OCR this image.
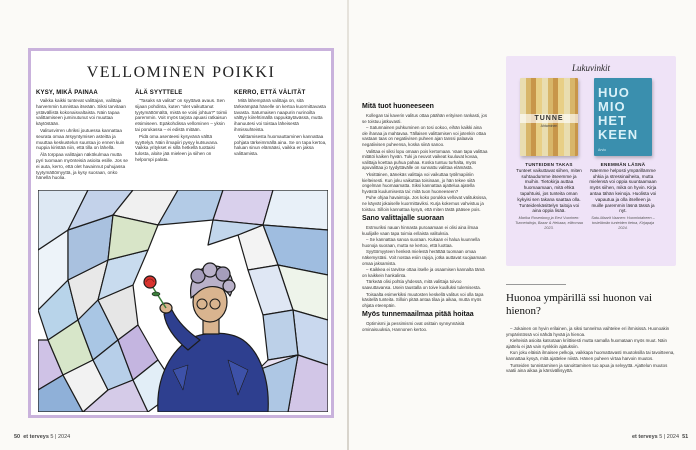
VELLOMINEN POIKKI
KYSY, MIKÄ PAINAA

Vaikka kaikki tuntevat valittajan, valittaja harvemmin tunnistaa itseään. Siksi tarvitaan ystävällistä kokonaisvaltaista. Näin tapaa valittamiseen juminutunut voi muuttaa käytöstään.

Valitusvirren uhriksi joutuessa kannattaa seurata omaa ärsyyntymisen asteitta ja muuttaa keskustelun suuntaa jo ennen kuin nuppia kiristää niin, että tilla on lähellä.

Älä torppaa valittajan näkökulmaa mutta pyri tuomaan myönteisiä asioita esille. Jos se ei auta, kerro, että olet havainnut puhujassa tyytymättömyyttä, ja kysy suoraan, onko hänellä huolia.

ÄLÄ SYYTTELE

"Tasaks sä valitat" on syyttävä avaus. Sen sijaan pohdinta, kuten "olet vaikuttanut tyytymättömältä, mistä se voisi johtua?" toimii paremmin. Voit myös tarjota apuasi ratkaisun etsimiseen. Epäkohdissa vellominen – yksin tai porukassa – ei edistä mitään.

Pidä oma asenteesi kysyvänä välttä syyttelyä. Näin ilmapiiri pysyy kutsuvana. Vaikka yritykset ei sillä hetkellä tuottaisi tulosta, aloite jää mieleen ja siihen on helpompi palata.

KERRO, ETTÄ VÄLITÄT

Mitä lähempänä valittaja on, sitä tärkeämpää hänelle on kertoa kuormittavasta tavasta. Saturnaisen naapurin nurinoilta välttyy kiirehtimällä rappukäytävässä, mutta ihanuutesi voi toistaa läheisestä ihmissuhteista.

Valittamisesta huomauttaminen kannattaa pohjata tärkeimmällä aina. Se on tapa kertoa, haluan sinun elämääsi, vaikka en jaksa valittamista.

50 et terveys 5 | 2024
Mitä tuot huoneeseen

Kollegan tai kaverin valitus ottaa päähän erityisen rankasti, jos se toistuu jatkuvasti.

– Satunnainen puhkuminen on tosi ookoo, eihän kaikki aina ole ihanaa ja mahtavaa. Tällaisen valittamisen voi jotenkin ottaa vastaan taas on negatiivisen puheen ajan tanssi palaavia negatiivisen puheensa, koska siinä sanoo.

Valittaa ei siksi lopu omaan pois kertomaan. Vaan tapa valittaa mitätöi kaiken hyvän. Tuki ja neuvot vaikeat kuuluvat kovaa, valittaja koettaa puhua pahaa. Koska tuntuu turhalta, myös apuvalittaa jo tyydyttävälle on sunnattu valittaa elämästä.

Yksittäinen, äänekäs valittaja voi vaikuttaa työilmapiiriin kielteisesti. Kun joku vaikuttaa toisinaan, jo hän tekee siitä ongelman huomaamatta. Siksi kannattaa ajattelua ajatella hyvästä kuulumisesta tai: mitä tuon huoneeseen?

Puhe ohjaa havaintoja. Jos koko porukka vellovat valituksissa, ne käyvät jokaiselle kuormittaviksi. Kurja kokemus vahvistuu ja toistuu. Silloin kannattaa kysyä, että miten tästä pääsee pois.

Sano valittajalle suoraan

Estmuriksi nauan hinnasta puroaamaan ei olisi aina ilmaa kuulijalle vaan tapa toimia erilaista valituksia.

– Se kannattaa sanoa suoraan. Kukaan ei halua kuunnella huonoja suoraan, mutta se kertoo, että luottaa.

Syyttömyyteen henkeä mielestä herättää tuomaan omaa näkemystäsi. Voit nostaa esiin rajoja, jotka auttavat suojaamaan omaa jaksamista.

– Kaikkea ei tarvitse ottaa itselle ja osaamisen kannalta tämä on kaikkein hankalinta.

Tärkeää olisi pohtia yhdessä, mitä valittaja toivoo saavuttavansa. Usein taustalla on toive kuulluksi tulemisesta.

Toisaalta esimerkiksi muutosten keskellä valitus voi olla tapa käsitellä tunteita. Silloin pitää antaa tilaa ja aikaa, mutta myös ohjata eteenpäin.

Myös tunnemaailmaa pitää hoitaa

Optimismi ja pessimismi ovat osittain synnynnäisiä ominaisuuksia, Hannonen kertoo.

Lukuvinkit
TUNNE
Ahtaminen
HUO MIO HET KEEN
Arvio
TUNTEIDEN TAKAS
Tunteet vaikuttavat siihen, miten suhtaudumme itseemme ja muihin. Tietokirja auttaa huomaamaan, mitä ehkä tapahtuisi, jos tunteita oman kykyisi sen takana saattaa olla. Tunteidenkäsittelyn taitoja voi aina oppia lisää.
Marika Rosenborg ja Eevi Vuorinen: Tunnetaitoja, Bazar & Hekaaa, ellimmaa 2023.
ENEMMÄN LÄSNÄ
Näemme helposti ympärillämme uhkia ja stressinaiheita, mutta mielensä voi oppia suuntaamaan myös siihen, mikä on hyvin. Kirja antaa tähän keinoja. Huolista voi vapautua ja olla itselleen ja muille paremmin läsnä tässä ja nyt.
Satu-Maarit Vaanen: Huomiotaheen – tosielämän tunteiden tietoa, Kirjapaja 2024.
Huonoa ympärillä ssi huonon vai hienon?

– Jokainen on hyvin erilainen, ja siksi tunnelma vaihtelee eri ihmisissä. Huonoakin ympäristössä voi nähdä hyvää ja hienoa.

Kielteisiä asioita katsotaan kriittisesti mutta samalla huomataan myös muut. Näin ajattelu ei jää vain synkkiin ajatuksiin.

Kun joku eläisiä ilmaisee pelkoja, vaikkapa huomattavasti muutoksilla tai tavoitteena, kannattaa kysyä, mitä ajattelee niistä. Hänen puheen virtaa harvoin muutos.

Tunteiden tunnistaminen ja sanoittaminen tuo apua ja selvyyttä. Ajattelun muutos vaatii aina aikaa ja kärsivällisyyttä.

et terveys 5 | 2024 51
